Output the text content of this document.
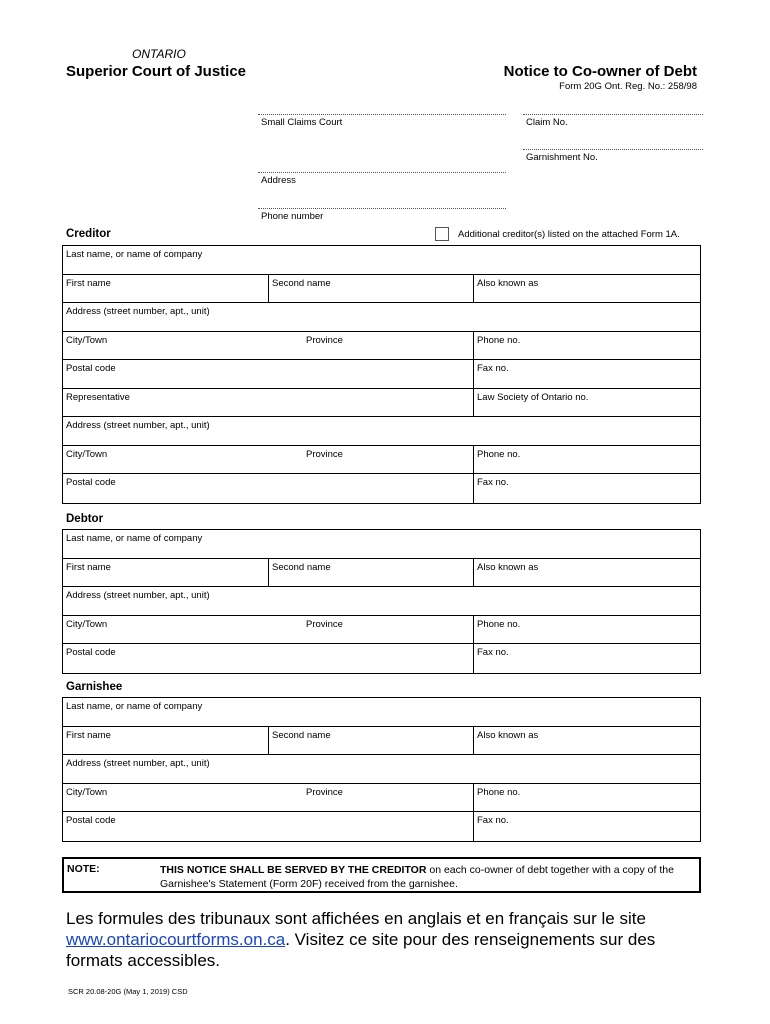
ONTARIO
Superior Court of Justice	Notice to Co-owner of Debt
Form 20G Ont. Reg. No.: 258/98
Small Claims Court	Claim No.
Garnishment No.
Address
Phone number
Creditor	Additional creditor(s) listed on the attached Form 1A.
Last name, or name of company
First name	Second name	Also known as
Address (street number, apt., unit)
City/Town	Province	Phone no.
Postal code	Fax no.
Representative	Law Society of Ontario no.
Address (street number, apt., unit)
City/Town	Province	Phone no.
Postal code	Fax no.
Debtor
Last name, or name of company
First name	Second name	Also known as
Address (street number, apt., unit)
City/Town	Province	Phone no.
Postal code	Fax no.
Garnishee
Last name, or name of company
First name	Second name	Also known as
Address (street number, apt., unit)
City/Town	Province	Phone no.
Postal code	Fax no.
NOTE:	THIS NOTICE SHALL BE SERVED BY THE CREDITOR on each co-owner of debt together with a copy of the Garnishee's Statement (Form 20F) received from the garnishee.
Les formules des tribunaux sont affichées en anglais et en français sur le site www.ontariocourtforms.on.ca. Visitez ce site pour des renseignements sur des formats accessibles.
SCR 20.08-20G (May 1, 2019) CSD
